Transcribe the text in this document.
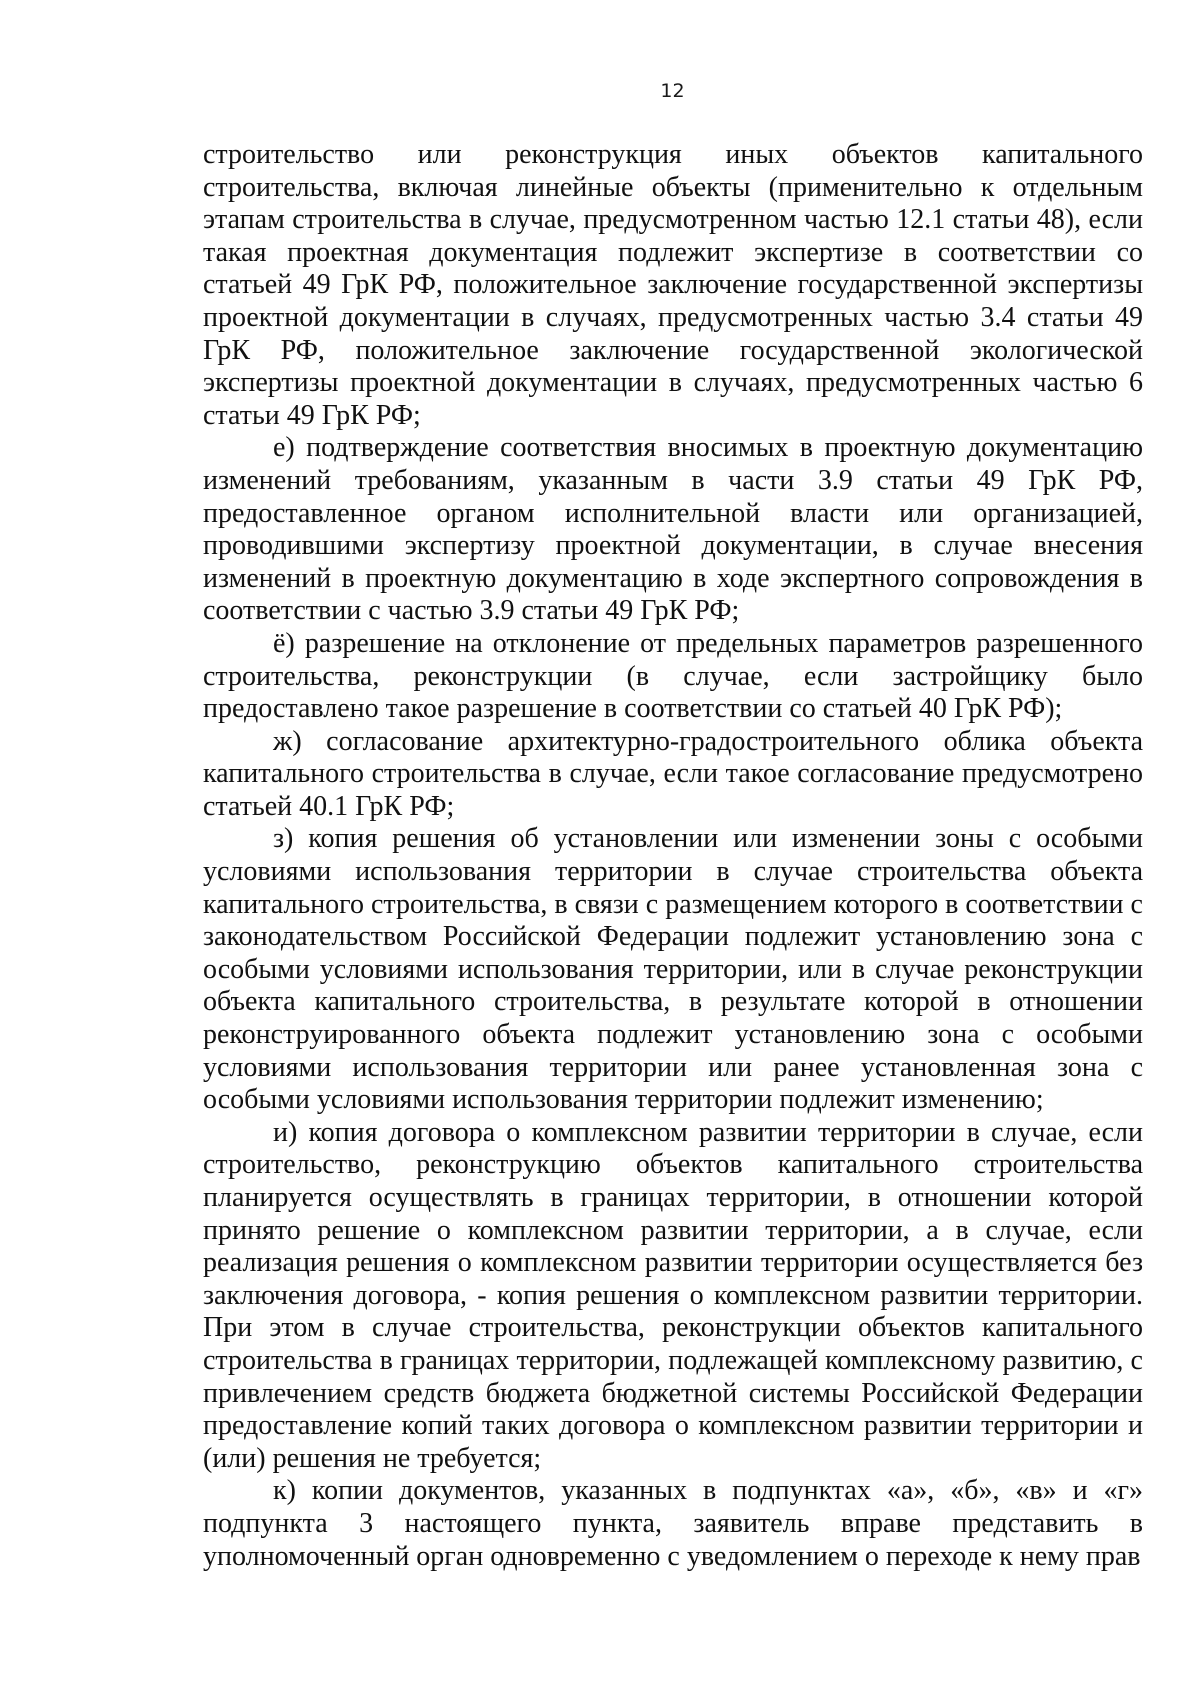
12

строительство или реконструкция иных объектов капитального строительства, включая линейные объекты (применительно к отдельным этапам строительства в случае, предусмотренном частью 12.1 статьи 48), если такая проектная документация подлежит экспертизе в соответствии со статьей 49 ГрК РФ, положительное заключение государственной экспертизы проектной документации в случаях, предусмотренных частью 3.4 статьи 49 ГрК РФ, положительное заключение государственной экологической экспертизы проектной документации в случаях, предусмотренных частью 6 статьи 49 ГрК РФ;

е) подтверждение соответствия вносимых в проектную документацию изменений требованиям, указанным в части 3.9 статьи 49 ГрК РФ, предоставленное органом исполнительной власти или организацией, проводившими экспертизу проектной документации, в случае внесения изменений в проектную документацию в ходе экспертного сопровождения в соответствии с частью 3.9 статьи 49 ГрК РФ;

ё) разрешение на отклонение от предельных параметров разрешенного строительства, реконструкции (в случае, если застройщику было предоставлено такое разрешение в соответствии со статьей 40 ГрК РФ);

ж) согласование архитектурно-градостроительного облика объекта капитального строительства в случае, если такое согласование предусмотрено статьей 40.1 ГрК РФ;

з) копия решения об установлении или изменении зоны с особыми условиями использования территории в случае строительства объекта капитального строительства, в связи с размещением которого в соответствии с законодательством Российской Федерации подлежит установлению зона с особыми условиями использования территории, или в случае реконструкции объекта капитального строительства, в результате которой в отношении реконструированного объекта подлежит установлению зона с особыми условиями использования территории или ранее установленная зона с особыми условиями использования территории подлежит изменению;

и) копия договора о комплексном развитии территории в случае, если строительство, реконструкцию объектов капитального строительства планируется осуществлять в границах территории, в отношении которой принято решение о комплексном развитии территории, а в случае, если реализация решения о комплексном развитии территории осуществляется без заключения договора, - копия решения о комплексном развитии территории. При этом в случае строительства, реконструкции объектов капитального строительства в границах территории, подлежащей комплексному развитию, с привлечением средств бюджета бюджетной системы Российской Федерации предоставление копий таких договора о комплексном развитии территории и (или) решения не требуется;

к) копии документов, указанных в подпунктах «а», «б», «в» и «г» подпункта 3 настоящего пункта, заявитель вправе представить в уполномоченный орган одновременно с уведомлением о переходе к нему прав
